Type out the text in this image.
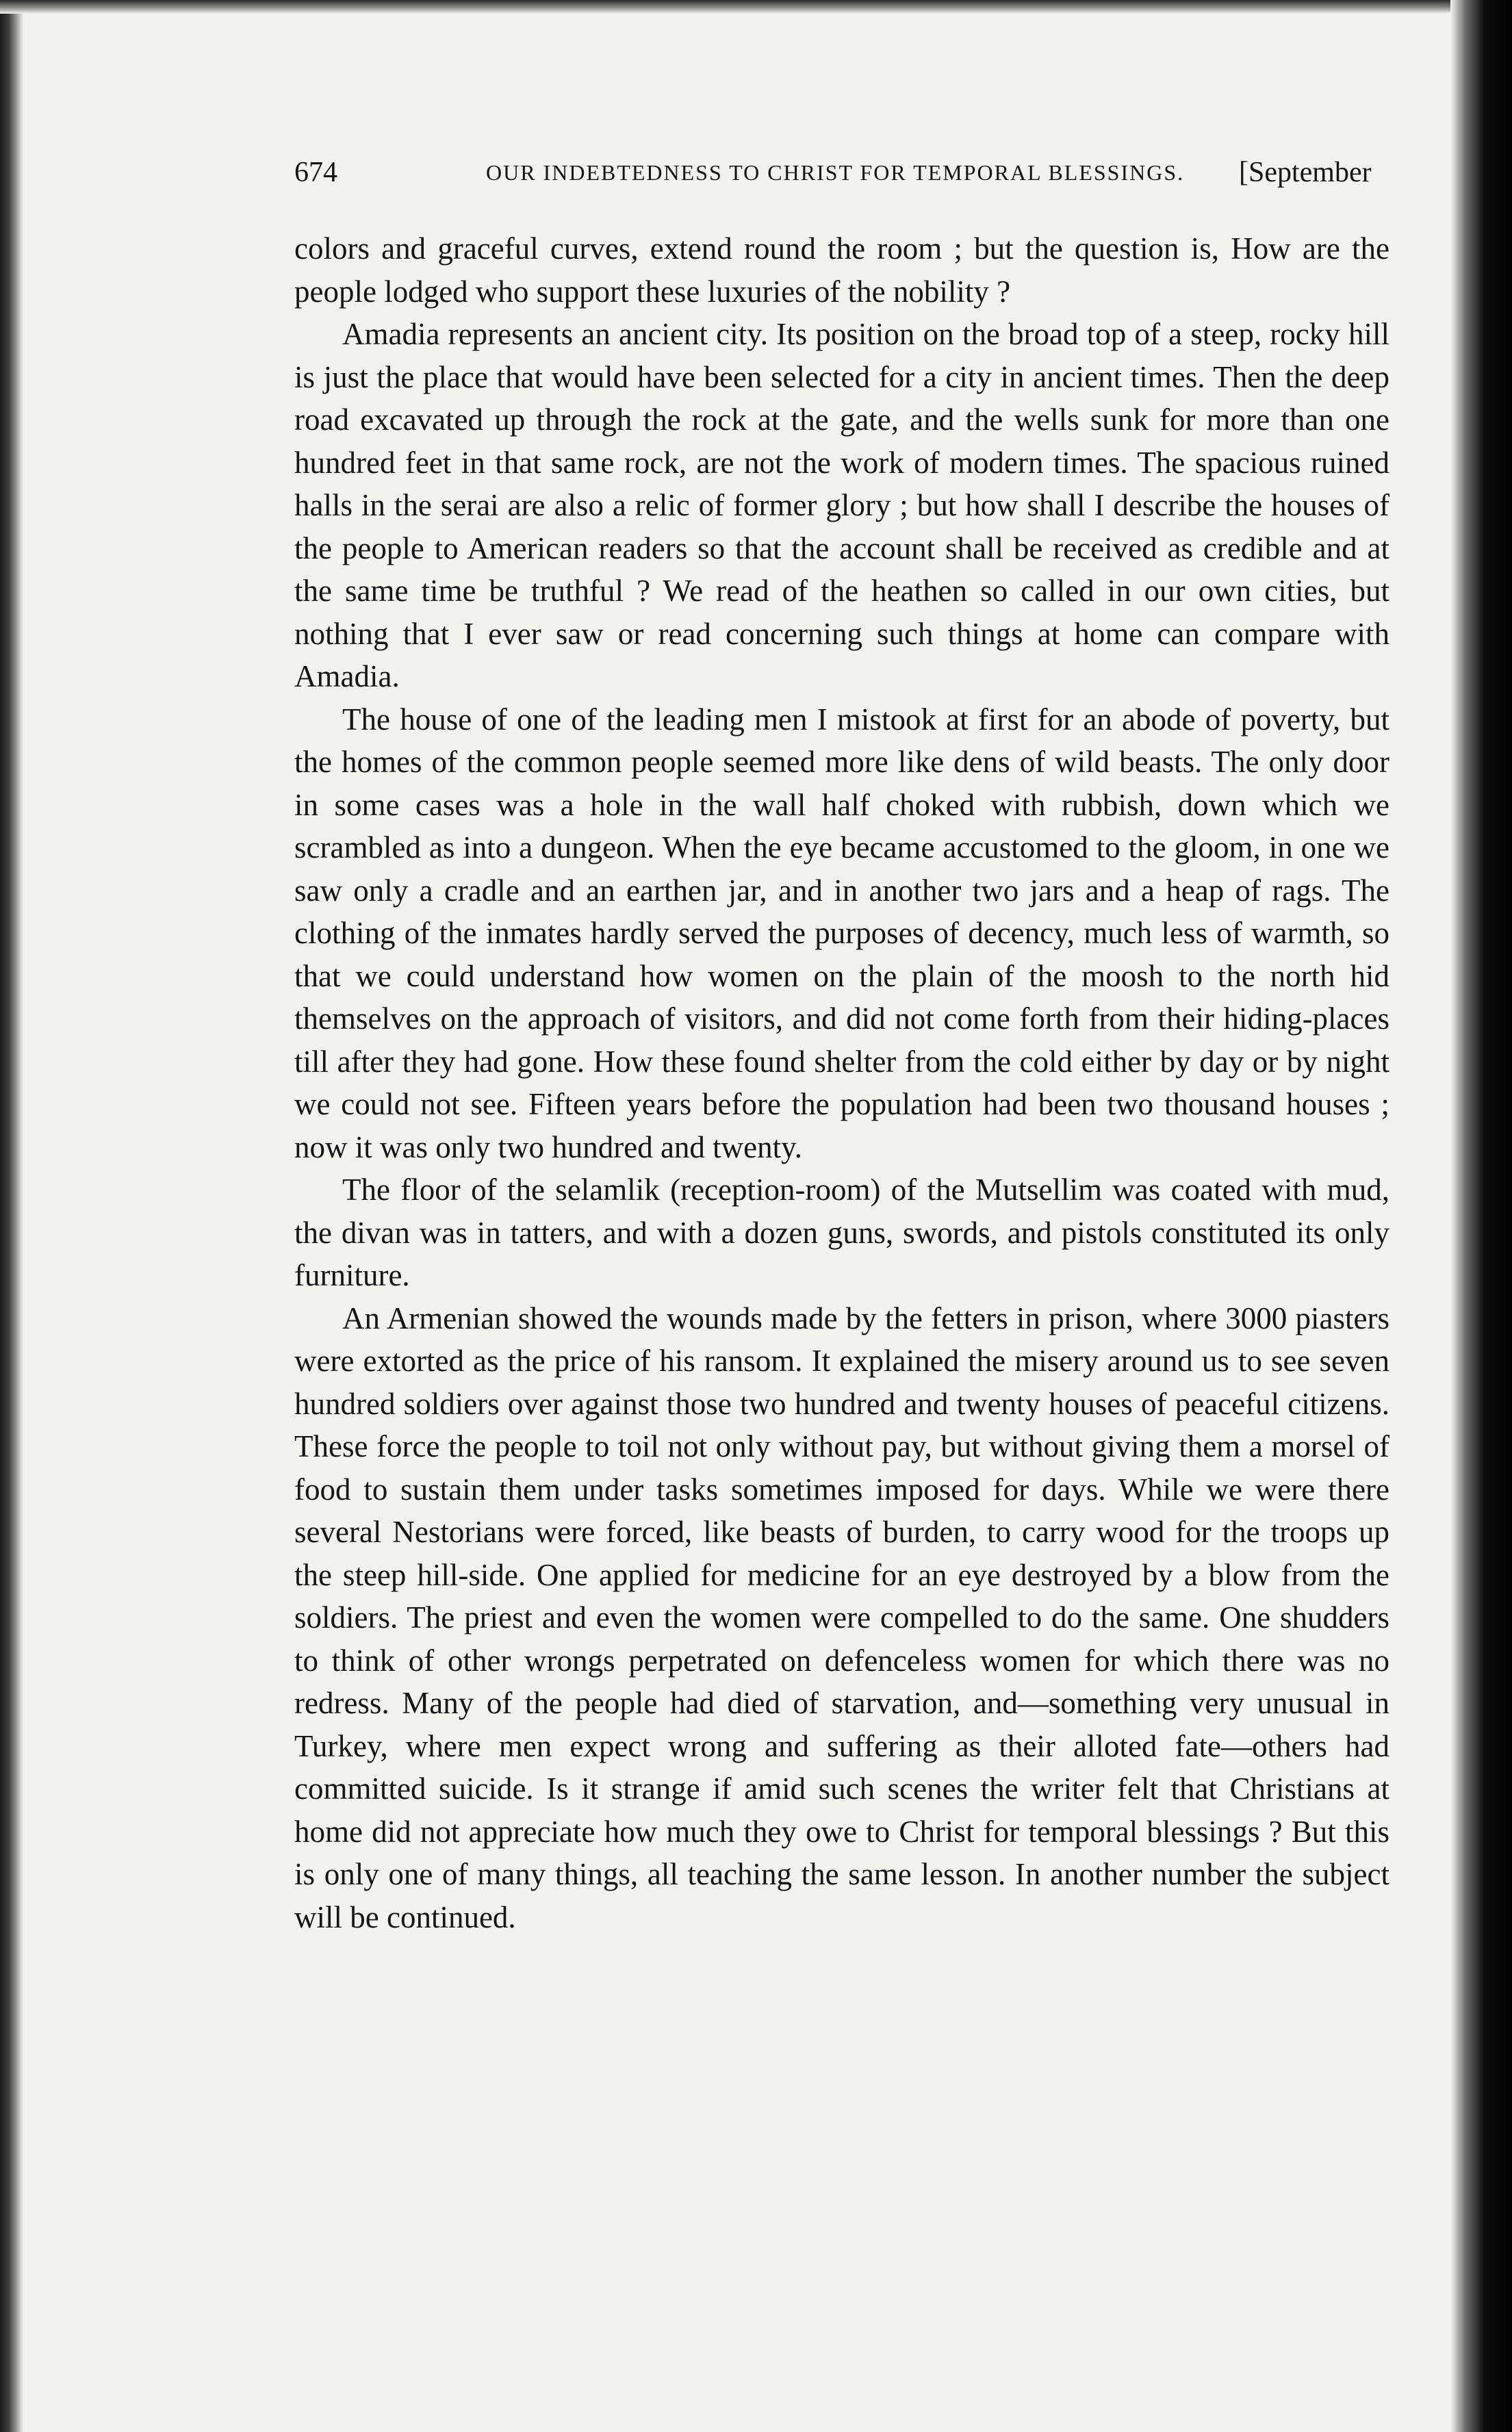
674	OUR INDEBTEDNESS TO CHRIST FOR TEMPORAL BLESSINGS. [September

colors and graceful curves, extend round the room ; but the question is, How are the people lodged who support these luxuries of the nobility ?

Amadia represents an ancient city. Its position on the broad top of a steep, rocky hill is just the place that would have been selected for a city in ancient times. Then the deep road excavated up through the rock at the gate, and the wells sunk for more than one hundred feet in that same rock, are not the work of modern times. The spacious ruined halls in the serai are also a relic of former glory ; but how shall I describe the houses of the people to American readers so that the account shall be received as credible and at the same time be truthful ? We read of the heathen so called in our own cities, but nothing that I ever saw or read concerning such things at home can compare with Amadia.

The house of one of the leading men I mistook at first for an abode of poverty, but the homes of the common people seemed more like dens of wild beasts. The only door in some cases was a hole in the wall half choked with rubbish, down which we scrambled as into a dungeon. When the eye became accustomed to the gloom, in one we saw only a cradle and an earthen jar, and in another two jars and a heap of rags. The clothing of the inmates hardly served the purposes of decency, much less of warmth, so that we could understand how women on the plain of the moosh to the north hid themselves on the approach of visitors, and did not come forth from their hiding-places till after they had gone. How these found shelter from the cold either by day or by night we could not see. Fifteen years before the population had been two thousand houses ; now it was only two hundred and twenty.

The floor of the selamlik (reception-room) of the Mutsellim was coated with mud, the divan was in tatters, and with a dozen guns, swords, and pistols constituted its only furniture.

An Armenian showed the wounds made by the fetters in prison, where 3000 piasters were extorted as the price of his ransom. It explained the misery around us to see seven hundred soldiers over against those two hundred and twenty houses of peaceful citizens. These force the people to toil not only without pay, but without giving them a morsel of food to sustain them under tasks sometimes imposed for days. While we were there several Nestorians were forced, like beasts of burden, to carry wood for the troops up the steep hill-side. One applied for medicine for an eye destroyed by a blow from the soldiers. The priest and even the women were compelled to do the same. One shudders to think of other wrongs perpetrated on defenceless women for which there was no redress. Many of the people had died of starvation, and—something very unusual in Turkey, where men expect wrong and suffering as their alloted fate—others had committed suicide. Is it strange if amid such scenes the writer felt that Christians at home did not appreciate how much they owe to Christ for temporal blessings ? But this is only one of many things, all teaching the same lesson. In another number the subject will be continued.
